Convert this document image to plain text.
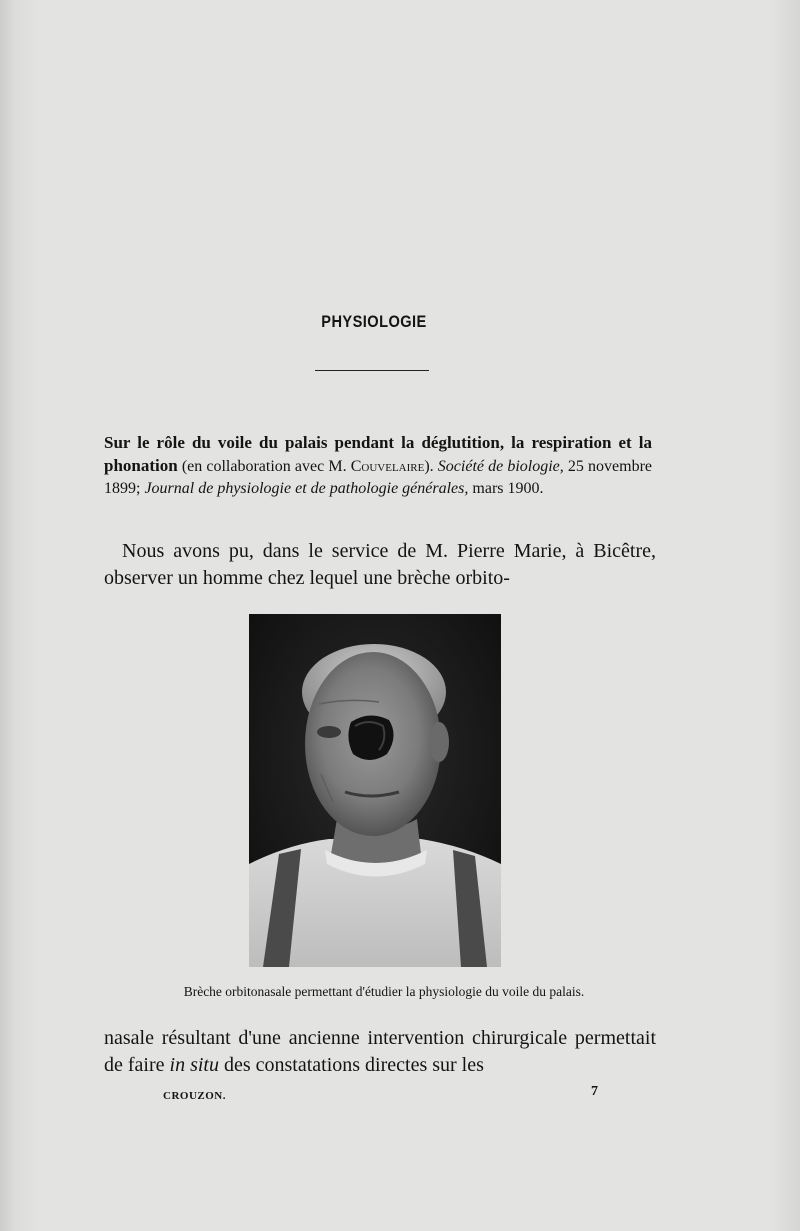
PHYSIOLOGIE
Sur le rôle du voile du palais pendant la déglutition, la respiration et la phonation (en collaboration avec M. Couvelaire). Société de biologie, 25 novembre 1899; Journal de physiologie et de pathologie générales, mars 1900.
Nous avons pu, dans le service de M. Pierre Marie, à Bicêtre, observer un homme chez lequel une brèche orbito-
Brèche orbitonasale permettant d'étudier la physiologie du voile du palais.
nasale résultant d'une ancienne intervention chirurgicale permettait de faire in situ des constatations directes sur les
CROUZON.	7
